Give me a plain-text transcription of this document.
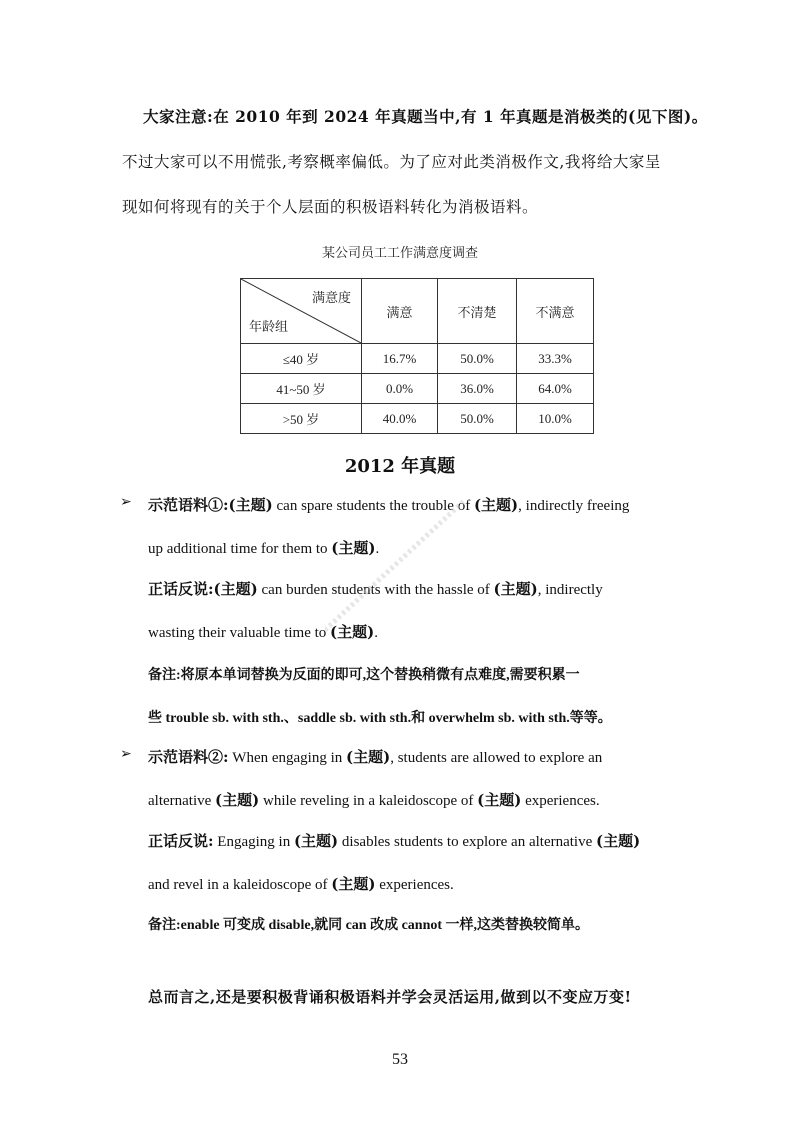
大家注意:在 2010 年到 2024 年真题当中,有 1 年真题是消极类的(见下图)。
不过大家可以不用慌张,考察概率偏低。为了应对此类消极作文,我将给大家呈
现如何将现有的关于个人层面的积极语料转化为消极语料。
某公司员工工作满意度调查
满意度
年龄组	满意	不清楚	不满意
≤40 岁	16.7%	50.0%	33.3%
41~50 岁	0.0%	36.0%	64.0%
>50 岁	40.0%	50.0%	10.0%
2012 年真题
➢ 示范语料①:(主题) can spare students the trouble of (主题), indirectly freeing
up additional time for them to (主题).
正话反说:(主题) can burden students with the hassle of (主题), indirectly
wasting their valuable time to (主题).
备注:将原本单词替换为反面的即可,这个替换稍微有点难度,需要积累一
些 trouble sb. with sth.、saddle sb. with sth.和 overwhelm sb. with sth.等等。
➢ 示范语料②: When engaging in (主题), students are allowed to explore an
alternative (主题) while reveling in a kaleidoscope of (主题) experiences.
正话反说: Engaging in (主题) disables students to explore an alternative (主题)
and revel in a kaleidoscope of (主题) experiences.
备注:enable 可变成 disable,就同 can 改成 cannot 一样,这类替换较简单。
总而言之,还是要积极背诵积极语料并学会灵活运用,做到以不变应万变!
53
